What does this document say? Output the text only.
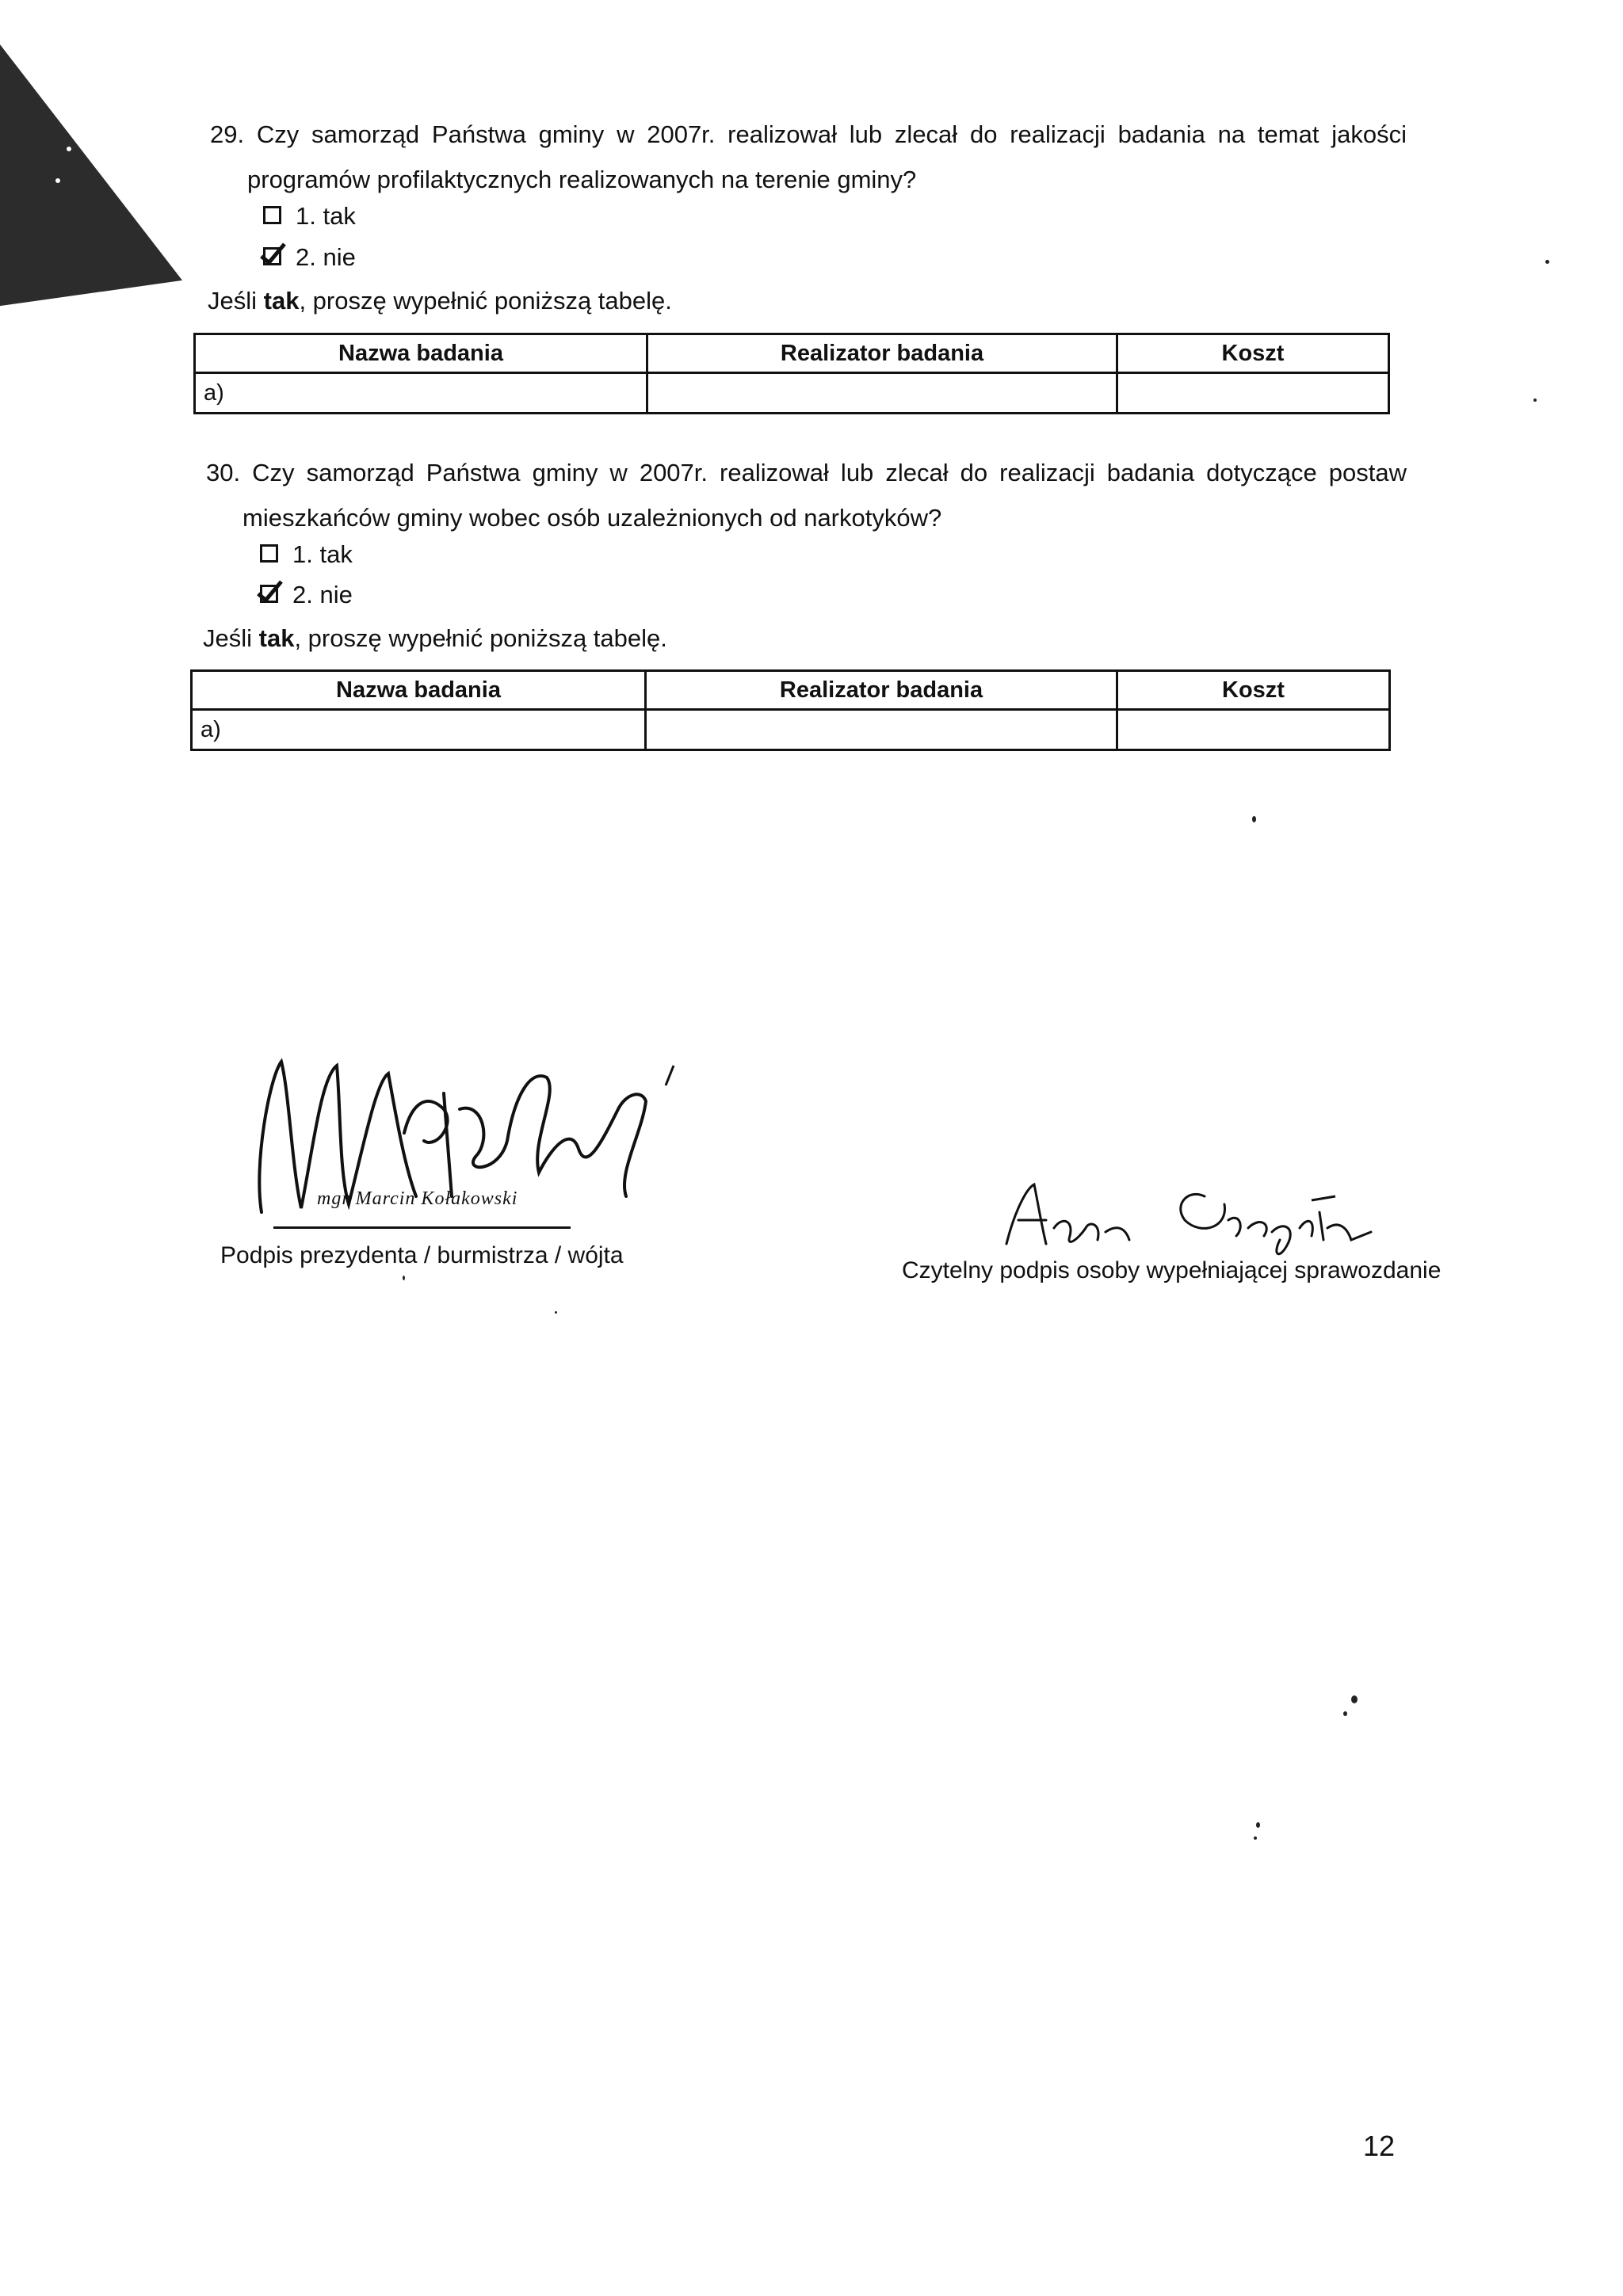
29. Czy samorząd Państwa gminy w 2007r. realizował lub zlecał do realizacji badania na temat jakości
programów profilaktycznych realizowanych na terenie gminy?
1. tak
2. nie
Jeśli tak, proszę wypełnić poniższą tabelę.
Nazwa badania	Realizator badania	Koszt
a)		
30. Czy samorząd Państwa gminy w 2007r. realizował lub zlecał do realizacji badania dotyczące postaw
mieszkańców gminy wobec osób uzależnionych od narkotyków?
1. tak
2. nie
Jeśli tak, proszę wypełnić poniższą tabelę.
Nazwa badania	Realizator badania	Koszt
a)		
mgr Marcin Kołakowski
Podpis prezydenta / burmistrza / wójta
Czytelny podpis osoby wypełniającej sprawozdanie
12
